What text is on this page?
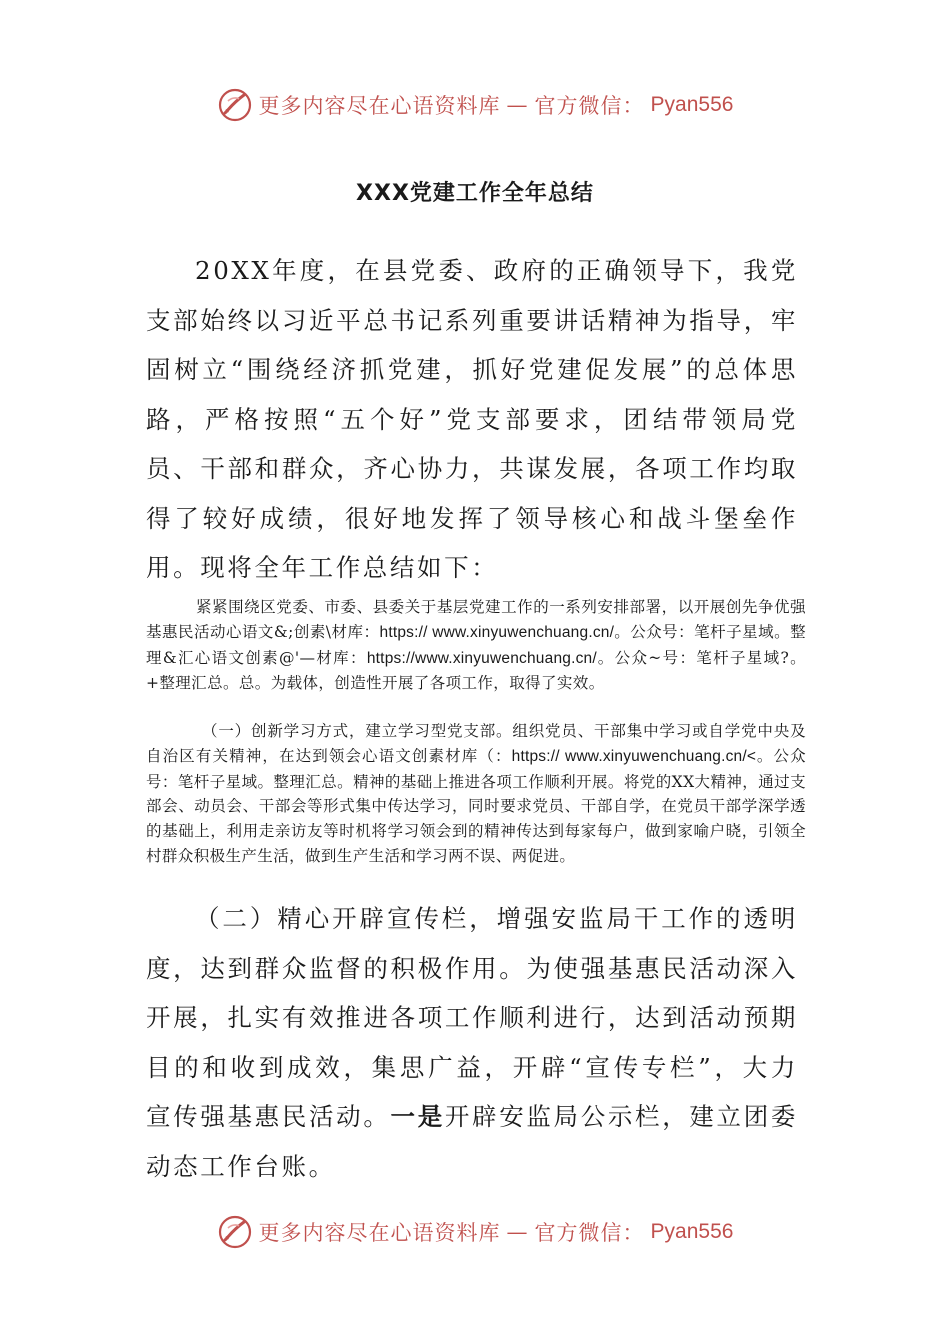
更多内容尽在心语资料库 — 官方微信： Pyan556
XXX党建工作全年总结

20XX年度，在县党委、政府的正确领导下，我党支部始终以习近平总书记系列重要讲话精神为指导，牢固树立“围绕经济抓党建，抓好党建促发展”的总体思路，严格按照“五个好”党支部要求，团结带领局党员、干部和群众，齐心协力，共谋发展，各项工作均取得了较好成绩，很好地发挥了领导核心和战斗堡垒作用。现将全年工作总结如下：

紧紧围绕区党委、市委、县委关于基层党建工作的一系列安排部署，以开展创先争优强基惠民活动心语文&;创素\材库：https:// www.xinyuwenchuang.cn/。公众号：笔杆子星域。整理&汇心语文创素@'—材库：https://www.xinyuwenchuang.cn/。公众~号：笔杆子星域?。+整理汇总。总。为载体，创造性开展了各项工作，取得了实效。

（一）创新学习方式，建立学习型党支部。组织党员、干部集中学习或自学党中央及自治区有关精神，在达到领会心语文创素材库（：https:// www.xinyuwenchuang.cn/<。公众号：笔杆子星域。整理汇总。精神的基础上推进各项工作顺利开展。将党的XX大精神，通过支部会、动员会、干部会等形式集中传达学习，同时要求党员、干部自学，在党员干部学深学透的基础上，利用走亲访友等时机将学习领会到的精神传达到每家每户，做到家喻户晓，引领全村群众积极生产生活，做到生产生活和学习两不误、两促进。

（二）精心开辟宣传栏，增强安监局干工作的透明度，达到群众监督的积极作用。为使强基惠民活动深入开展，扎实有效推进各项工作顺利进行，达到活动预期目的和收到成效，集思广益，开辟“宣传专栏”，大力宣传强基惠民活动。一是开辟安监局公示栏，建立团委动态工作台账。

更多内容尽在心语资料库 — 官方微信： Pyan556
